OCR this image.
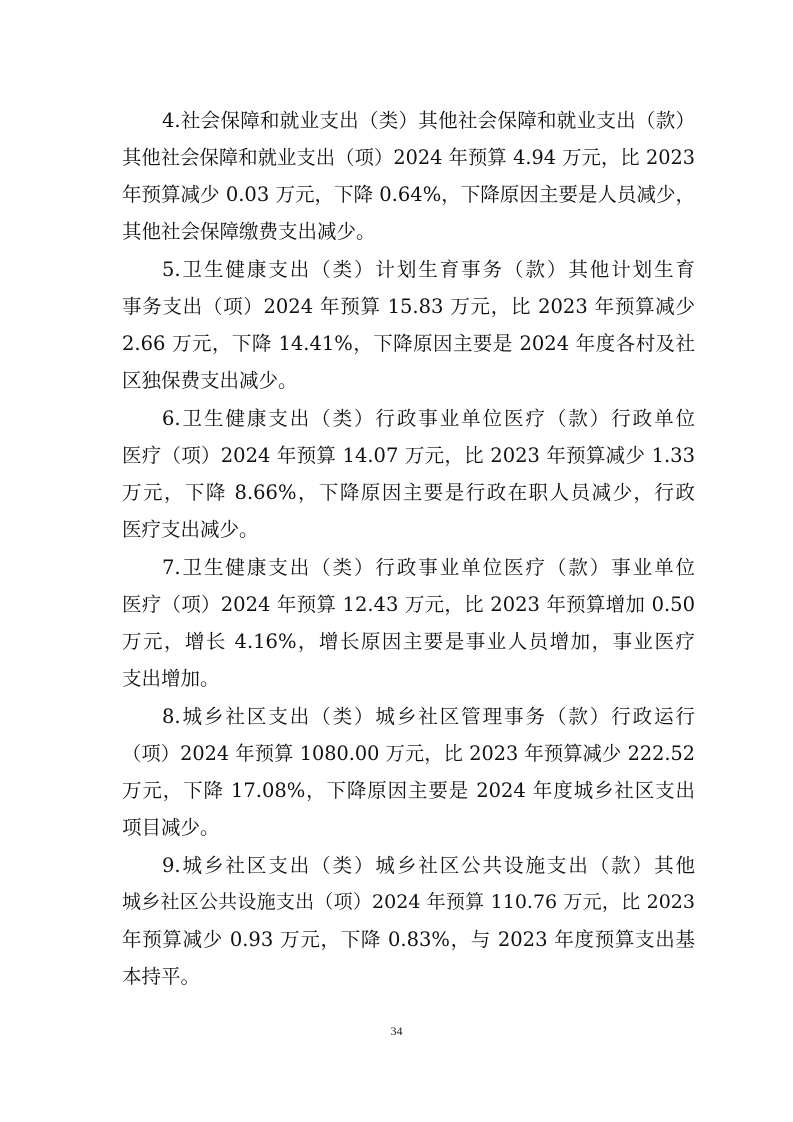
4.社会保障和就业支出（类）其他社会保障和就业支出（款）
其他社会保障和就业支出（项）2024 年预算 4.94 万元，比 2023
年预算减少 0.03 万元，下降 0.64%，下降原因主要是人员减少，
其他社会保障缴费支出减少。
5.卫生健康支出（类）计划生育事务（款）其他计划生育
事务支出（项）2024 年预算 15.83 万元，比 2023 年预算减少
2.66 万元，下降 14.41%，下降原因主要是 2024 年度各村及社
区独保费支出减少。
6.卫生健康支出（类）行政事业单位医疗（款）行政单位
医疗（项）2024 年预算 14.07 万元，比 2023 年预算减少 1.33
万元，下降 8.66%，下降原因主要是行政在职人员减少，行政
医疗支出减少。
7.卫生健康支出（类）行政事业单位医疗（款）事业单位
医疗（项）2024 年预算 12.43 万元，比 2023 年预算增加 0.50
万元，增长 4.16%，增长原因主要是事业人员增加，事业医疗
支出增加。
8.城乡社区支出（类）城乡社区管理事务（款）行政运行
（项）2024 年预算 1080.00 万元，比 2023 年预算减少 222.52
万元，下降 17.08%，下降原因主要是 2024 年度城乡社区支出
项目减少。
9.城乡社区支出（类）城乡社区公共设施支出（款）其他
城乡社区公共设施支出（项）2024 年预算 110.76 万元，比 2023
年预算减少 0.93 万元，下降 0.83%，与 2023 年度预算支出基
本持平。
34
